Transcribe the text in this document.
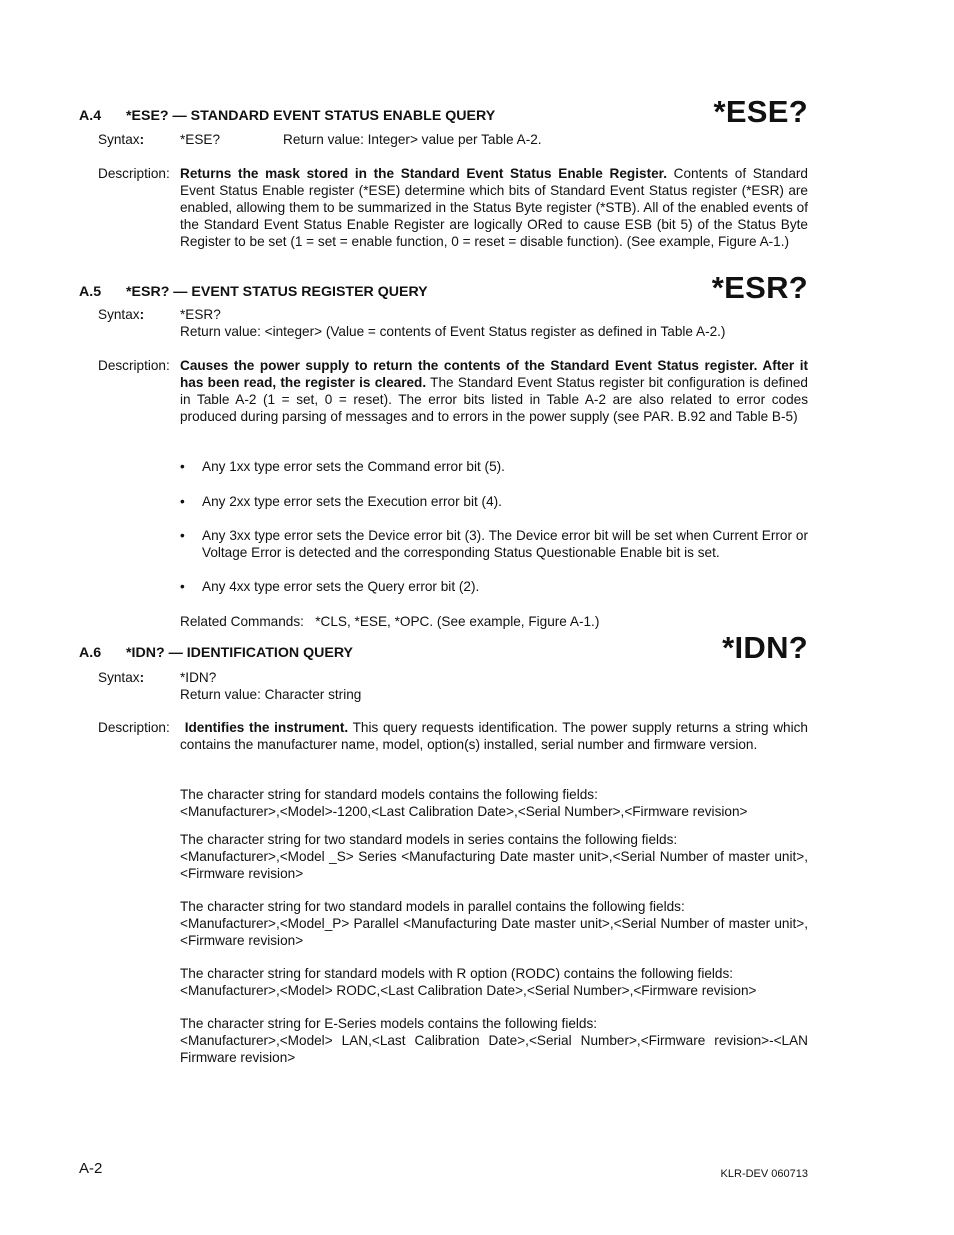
*ESE?
A.4 *ESE? — STANDARD EVENT STATUS ENABLE QUERY
Syntax:	*ESE?	Return value: Integer> value per Table A-2.
Description: Returns the mask stored in the Standard Event Status Enable Register. Contents of Standard Event Status Enable register (*ESE) determine which bits of Standard Event Status register (*ESR) are enabled, allowing them to be summarized in the Status Byte register (*STB). All of the enabled events of the Standard Event Status Enable Register are logically ORed to cause ESB (bit 5) of the Status Byte Register to be set (1 = set = enable function, 0 = reset = disable function). (See example, Figure A-1.)
*ESR?
A.5 *ESR? — EVENT STATUS REGISTER QUERY
Syntax:	*ESR?
Return value: <integer> (Value = contents of Event Status register as defined in Table A-2.)
Description: Causes the power supply to return the contents of the Standard Event Status register. After it has been read, the register is cleared. The Standard Event Status register bit configuration is defined in Table A-2 (1 = set, 0 = reset). The error bits listed in Table A-2 are also related to error codes produced during parsing of messages and to errors in the power supply (see PAR. B.92 and Table B-5)
• Any 1xx type error sets the Command error bit (5).
• Any 2xx type error sets the Execution error bit (4).
• Any 3xx type error sets the Device error bit (3). The Device error bit will be set when Current Error or Voltage Error is detected and the corresponding Status Questionable Enable bit is set.
• Any 4xx type error sets the Query error bit (2).
Related Commands: *CLS, *ESE, *OPC. (See example, Figure A-1.)
*IDN?
A.6 *IDN? — IDENTIFICATION QUERY
Syntax:	*IDN?
Return value: Character string
Description:	Identifies the instrument. This query requests identification. The power supply returns a string which contains the manufacturer name, model, option(s) installed, serial number and firmware version.
The character string for standard models contains the following fields:
<Manufacturer>,<Model>-1200,<Last Calibration Date>,<Serial Number>,<Firmware revision>
The character string for two standard models in series contains the following fields:
<Manufacturer>,<Model _S> Series <Manufacturing Date master unit>,<Serial Number of master unit>,<Firmware revision>
The character string for two standard models in parallel contains the following fields:
<Manufacturer>,<Model_P> Parallel <Manufacturing Date master unit>,<Serial Number of master unit>,<Firmware revision>
The character string for standard models with R option (RODC) contains the following fields:
<Manufacturer>,<Model> RODC,<Last Calibration Date>,<Serial Number>,<Firmware revision>
The character string for E-Series models contains the following fields:
<Manufacturer>,<Model> LAN,<Last Calibration Date>,<Serial Number>,<Firmware revision>-<LAN Firmware revision>
A-2	KLR-DEV 060713
